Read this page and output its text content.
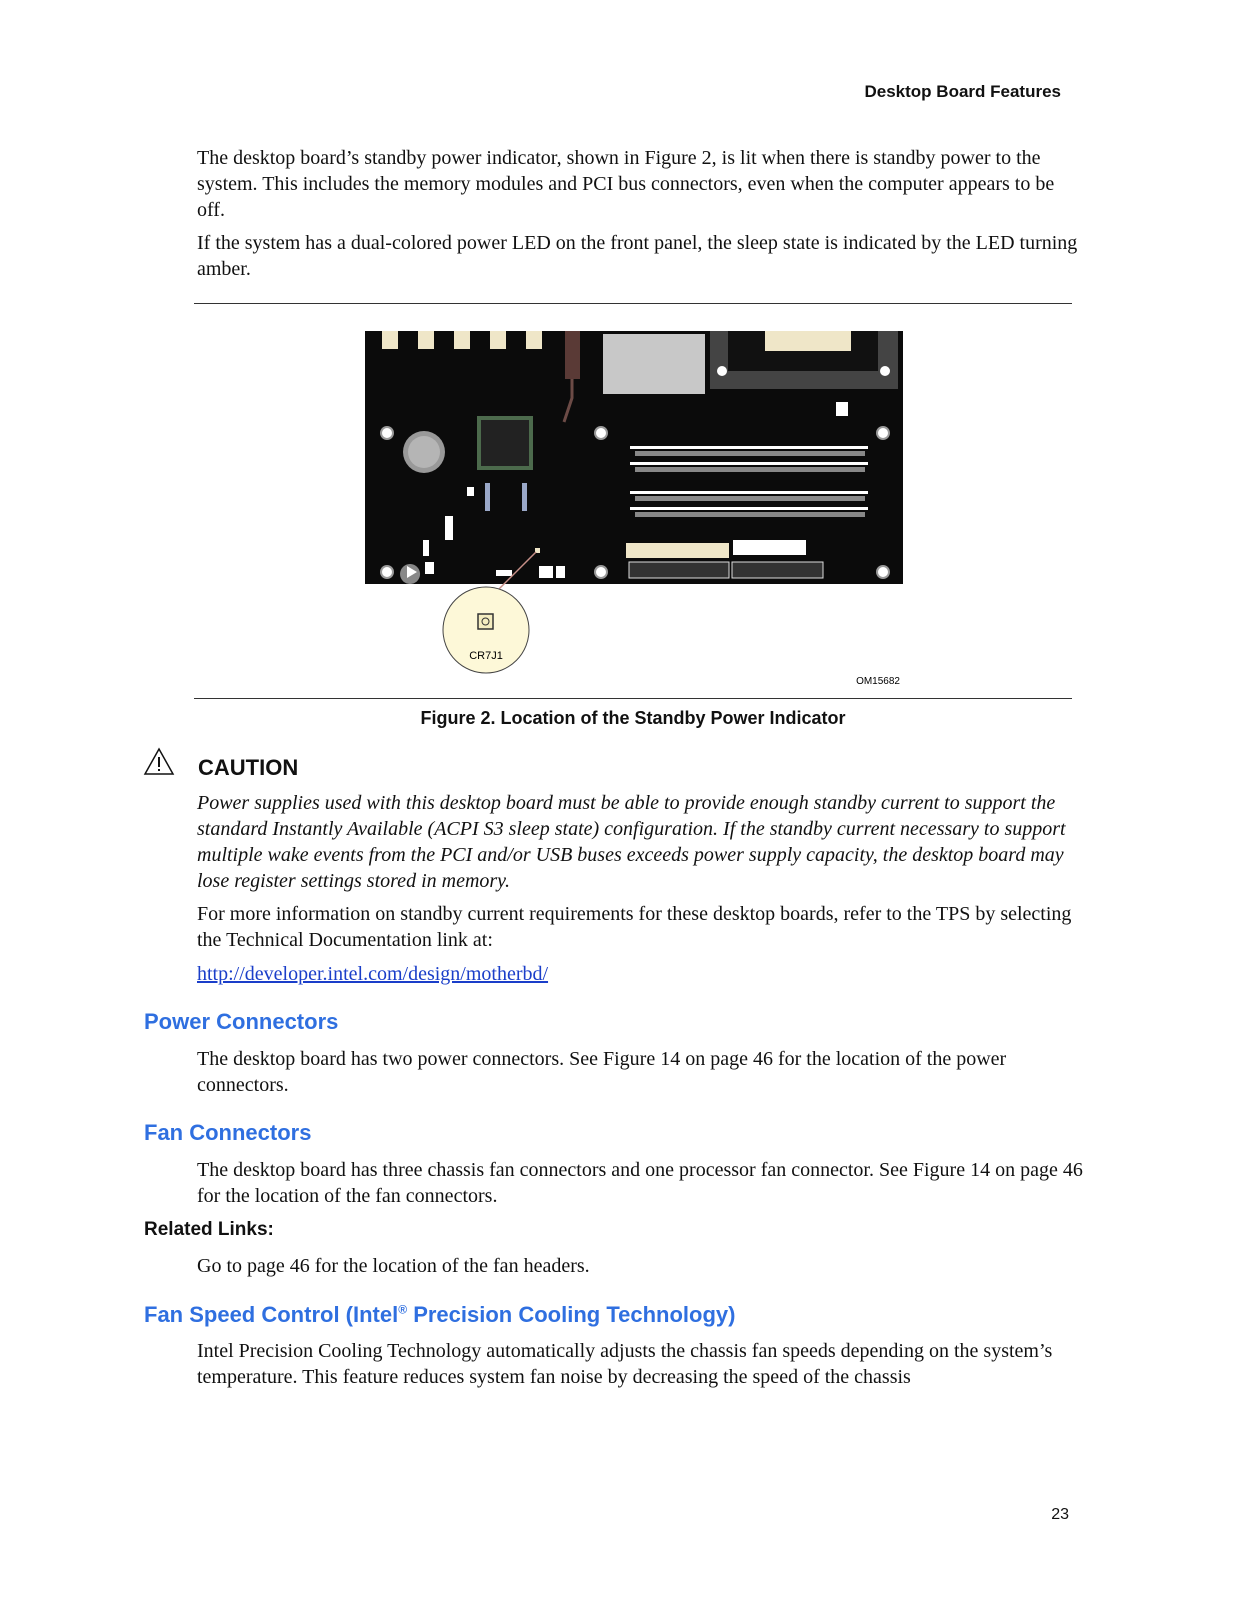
Desktop Board Features
The desktop board’s standby power indicator, shown in Figure 2, is lit when there is standby power to the system. This includes the memory modules and PCI bus connectors, even when the computer appears to be off.
If the system has a dual-colored power LED on the front panel, the sleep state is indicated by the LED turning amber.
CR7J1
OM15682
Figure 2. Location of the Standby Power Indicator
CAUTION
Power supplies used with this desktop board must be able to provide enough standby current to support the standard Instantly Available (ACPI S3 sleep state) configuration. If the standby current necessary to support multiple wake events from the PCI and/or USB buses exceeds power supply capacity, the desktop board may lose register settings stored in memory.
For more information on standby current requirements for these desktop boards, refer to the TPS by selecting the Technical Documentation link at:
http://developer.intel.com/design/motherbd/
Power Connectors
The desktop board has two power connectors. See Figure 14 on page 46 for the location of the power connectors.
Fan Connectors
The desktop board has three chassis fan connectors and one processor fan connector. See Figure 14 on page 46 for the location of the fan connectors.
Related Links:
Go to page 46 for the location of the fan headers.
Fan Speed Control (Intel® Precision Cooling Technology)
Intel Precision Cooling Technology automatically adjusts the chassis fan speeds depending on the system’s temperature. This feature reduces system fan noise by decreasing the speed of the chassis
23
